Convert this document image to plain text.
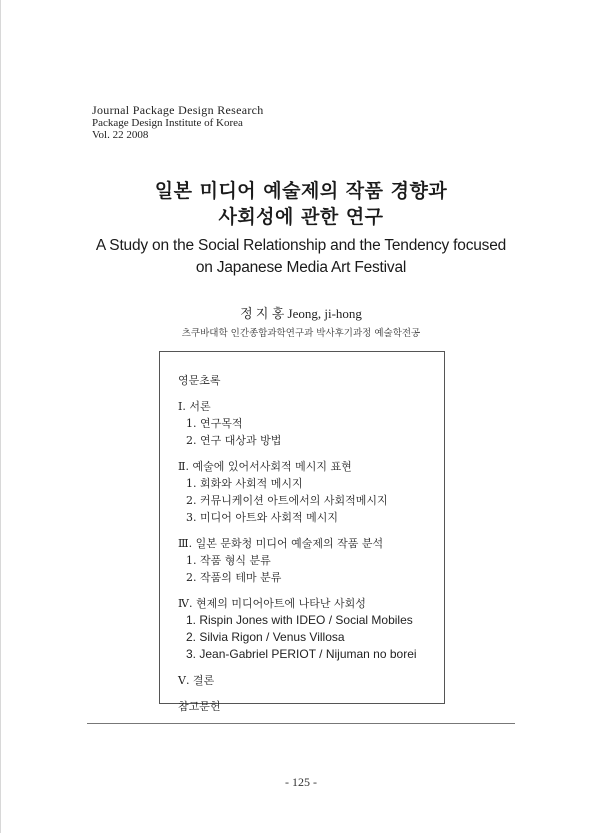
Journal Package Design Research
Package Design Institute of Korea
Vol. 22 2008
일본 미디어 예술제의 작품 경향과
사회성에 관한 연구
A Study on the Social Relationship and the Tendency focused
on Japanese Media Art Festival
정 지 홍 Jeong, ji-hong
츠쿠바대학 인간종합과학연구과 박사후기과정 예술학전공
영문초록
Ⅰ. 서론
1. 연구목적
2. 연구 대상과 방법
Ⅱ. 예술에 있어서사회적 메시지 표현
1. 회화와 사회적 메시지
2. 커뮤니케이션 아트에서의 사회적메시지
3. 미디어 아트와 사회적 메시지
Ⅲ. 일본 문화청 미디어 예술제의 작품 분석
1. 작품 형식 분류
2. 작품의 테마 분류
Ⅳ. 현제의 미디어아트에 나타난 사회성
1. Rispin Jones with IDEO / Social Mobiles
2. Silvia Rigon / Venus Villosa
3. Jean-Gabriel PERIOT / Nijuman no borei
Ⅴ. 결론
참고문헌
- 125 -
